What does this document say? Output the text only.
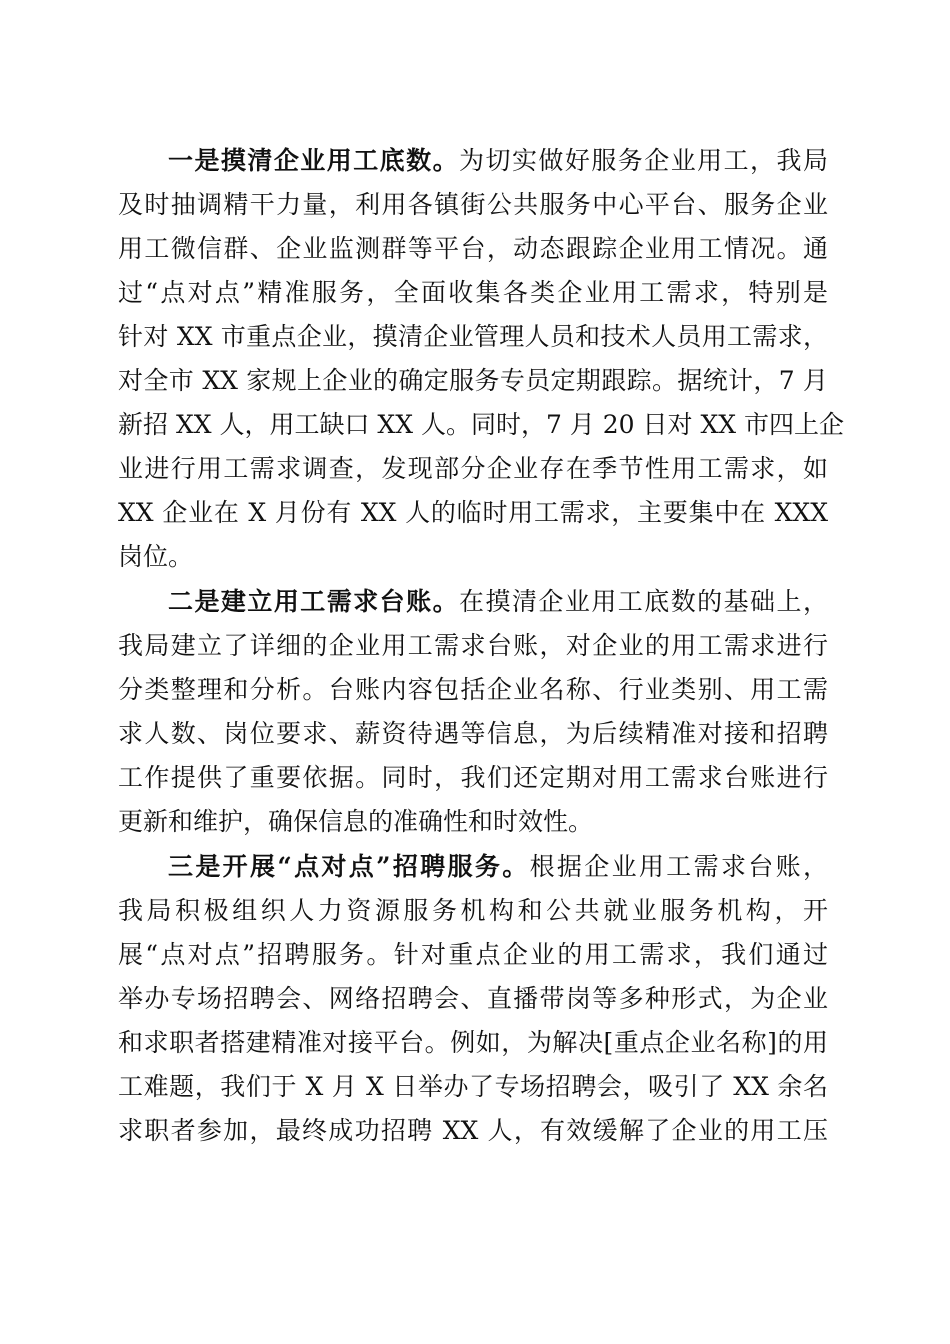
一是摸清企业用工底数。为切实做好服务企业用工，我局
及时抽调精干力量，利用各镇街公共服务中心平台、服务企业
用工微信群、企业监测群等平台，动态跟踪企业用工情况。通
过“点对点”精准服务，全面收集各类企业用工需求，特别是
针对 XX 市重点企业，摸清企业管理人员和技术人员用工需求，
对全市 XX 家规上企业的确定服务专员定期跟踪。据统计，7 月
新招 XX 人，用工缺口 XX 人。同时，7 月 20 日对 XX 市四上企
业进行用工需求调查，发现部分企业存在季节性用工需求，如
XX 企业在 X 月份有 XX 人的临时用工需求，主要集中在 XXX
岗位。
二是建立用工需求台账。在摸清企业用工底数的基础上，
我局建立了详细的企业用工需求台账，对企业的用工需求进行
分类整理和分析。台账内容包括企业名称、行业类别、用工需
求人数、岗位要求、薪资待遇等信息，为后续精准对接和招聘
工作提供了重要依据。同时，我们还定期对用工需求台账进行
更新和维护，确保信息的准确性和时效性。
三是开展“点对点”招聘服务。根据企业用工需求台账，
我局积极组织人力资源服务机构和公共就业服务机构，开
展“点对点”招聘服务。针对重点企业的用工需求，我们通过
举办专场招聘会、网络招聘会、直播带岗等多种形式，为企业
和求职者搭建精准对接平台。例如，为解决[重点企业名称]的用
工难题，我们于 X 月 X 日举办了专场招聘会，吸引了 XX 余名
求职者参加，最终成功招聘 XX 人，有效缓解了企业的用工压
